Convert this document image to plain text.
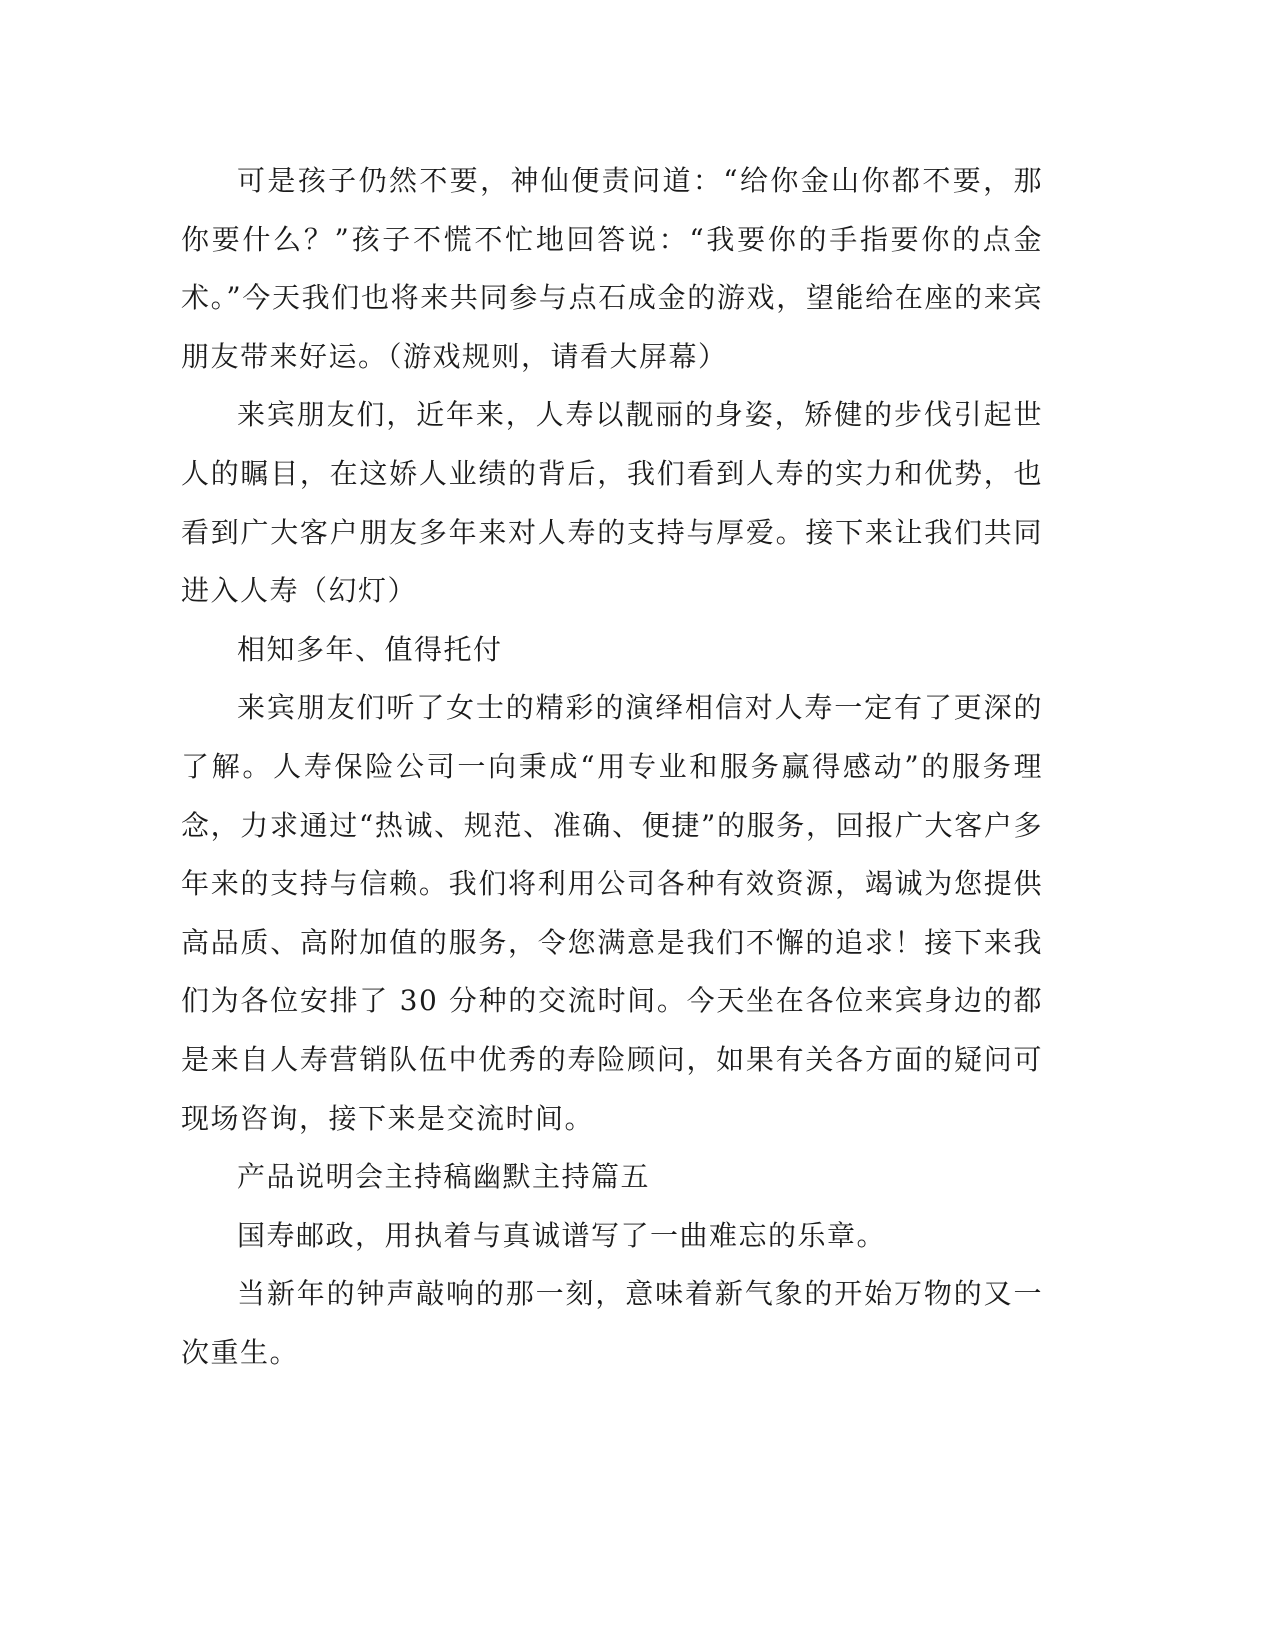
可是孩子仍然不要，神仙便责问道：“给你金山你都不要，那你要什么？”孩子不慌不忙地回答说：“我要你的手指要你的点金术。”今天我们也将来共同参与点石成金的游戏，望能给在座的来宾朋友带来好运。（游戏规则，请看大屏幕）

来宾朋友们，近年来，人寿以靓丽的身姿，矫健的步伐引起世人的瞩目，在这娇人业绩的背后，我们看到人寿的实力和优势，也看到广大客户朋友多年来对人寿的支持与厚爱。接下来让我们共同进入人寿（幻灯）

相知多年、值得托付

来宾朋友们听了女士的精彩的演绎相信对人寿一定有了更深的了解。人寿保险公司一向秉成“用专业和服务赢得感动”的服务理念，力求通过“热诚、规范、准确、便捷”的服务，回报广大客户多年来的支持与信赖。我们将利用公司各种有效资源，竭诚为您提供高品质、高附加值的服务，令您满意是我们不懈的追求！接下来我们为各位安排了 30 分种的交流时间。今天坐在各位来宾身边的都是来自人寿营销队伍中优秀的寿险顾问，如果有关各方面的疑问可现场咨询，接下来是交流时间。

产品说明会主持稿幽默主持篇五

国寿邮政，用执着与真诚谱写了一曲难忘的乐章。

当新年的钟声敲响的那一刻，意味着新气象的开始万物的又一次重生。
